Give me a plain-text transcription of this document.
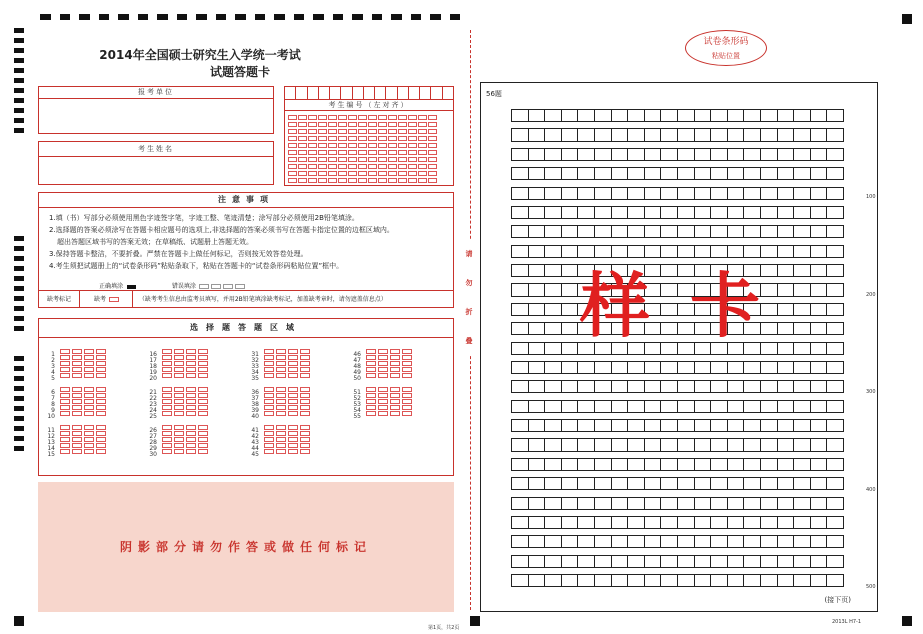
2014年全国硕士研究生入学统一考试
试题答题卡
报考单位
考生姓名
考生编号（左对齐）
注意事项
1.填（书）写部分必须使用黑色字迹签字笔，字迹工整、笔迹清楚；涂写部分必须使用2B铅笔填涂。
2.选择题的答案必须涂写在答题卡相应题号的选项上,非选择题的答案必须书写在答题卡指定位置的边框区域内。
超出答题区域书写的答案无效；在草稿纸、试题册上答题无效。
3.保持答题卡整洁，不要折叠。严禁在答题卡上做任何标记，否则按无效答卷处理。
4.考生须把试题册上的“试卷条形码”粘贴条取下，粘贴在答题卡的“试卷条形码粘贴位置”框中。
正确填涂	错误填涂
缺考标记	缺考	（缺考考生信息由监考员填写，并用2B铅笔填涂缺考标记，加盖缺考章时，请勿遮盖信息点）
选择题答题区域
1
2
3
4
5
6
7
8
9
10
11
12
13
14
15
16
17
18
19
20
21
22
23
24
25
26
27
28
29
30
31
32
33
34
35
36
37
38
39
40
41
42
43
44
45
46
47
48
49
50
51
52
53
54
55
阴影部分请勿作答或做任何标记
请
勿
折
叠
试卷条形码
粘贴位置
56题
(接下页)
100
200
300
400
500
样卡
第1页，共2页
2013L H7-1
